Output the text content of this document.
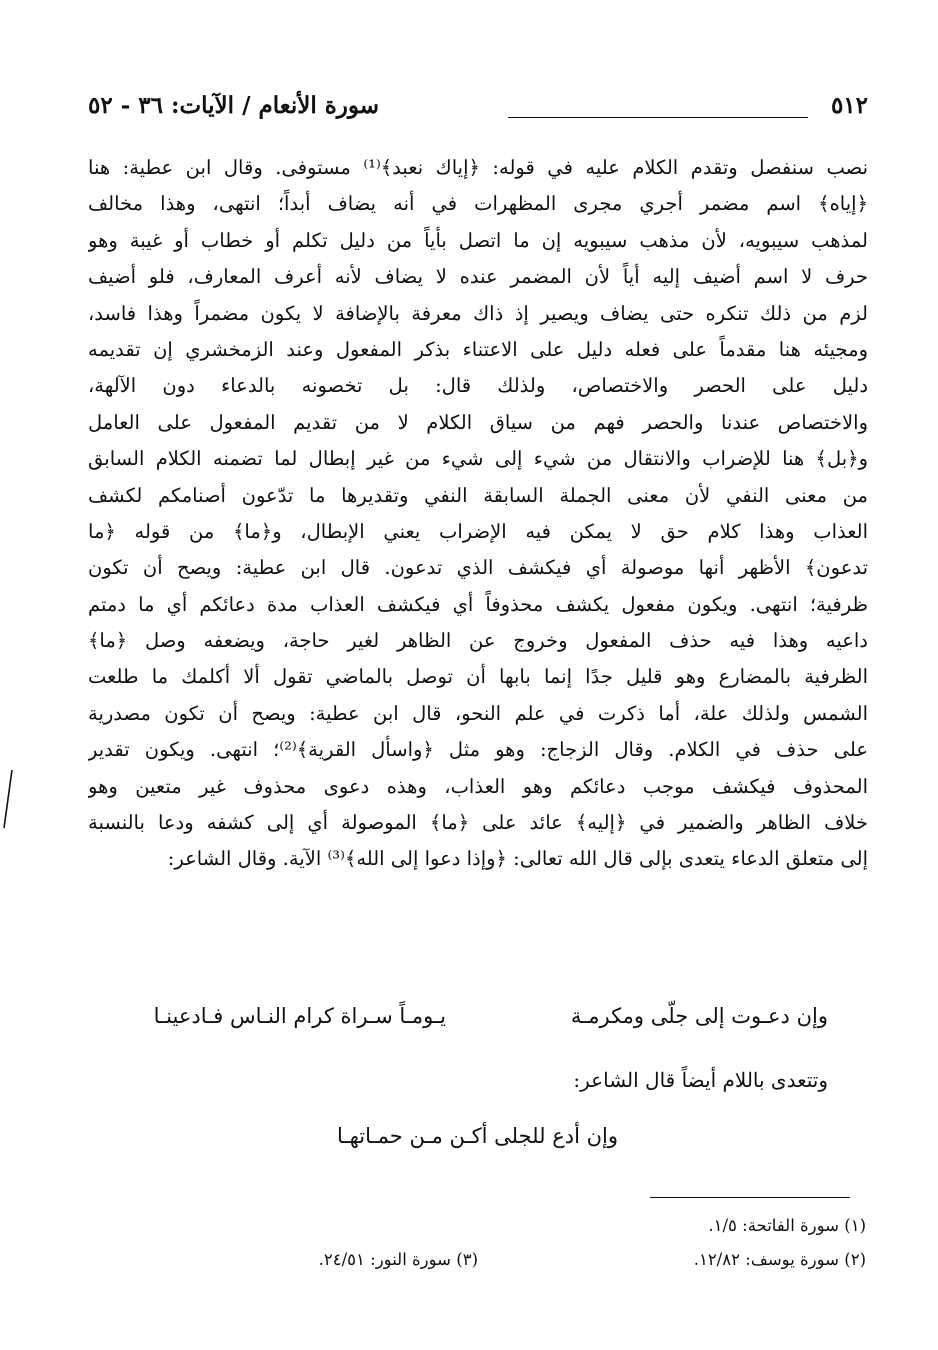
٥١٢
سورة الأنعام / الآيات: ٣٦ - ٥٢
نصب سنفصل وتقدم الكلام عليه في قوله: ﴿إياك نعبد﴾⁽¹⁾ مستوفى. وقال ابن عطية: هنا
﴿إياه﴾ اسم مضمر أجري مجرى المظهرات في أنه يضاف أبداً؛ انتهى، وهذا مخالف
لمذهب سيبويه، لأن مذهب سيبويه إن ما اتصل بأياً من دليل تكلم أو خطاب أو غيبة وهو
حرف لا اسم أضيف إليه أياً لأن المضمر عنده لا يضاف لأنه أعرف المعارف، فلو أضيف
لزم من ذلك تنكره حتى يضاف ويصير إذ ذاك معرفة بالإضافة لا يكون مضمراً وهذا فاسد،
ومجيئه هنا مقدماً على فعله دليل على الاعتناء بذكر المفعول وعند الزمخشري إن تقديمه
دليل على الحصر والاختصاص، ولذلك قال: بل تخصونه بالدعاء دون الآلهة،
والاختصاص عندنا والحصر فهم من سياق الكلام لا من تقديم المفعول على العامل
و﴿بل﴾ هنا للإضراب والانتقال من شيء إلى شيء من غير إبطال لما تضمنه الكلام السابق
من معنى النفي لأن معنى الجملة السابقة النفي وتقديرها ما تدّعون أصنامكم لكشف
العذاب وهذا كلام حق لا يمكن فيه الإضراب يعني الإبطال، و﴿ما﴾ من قوله ﴿ما
تدعون﴾ الأظهر أنها موصولة أي فيكشف الذي تدعون. قال ابن عطية: ويصح أن تكون
ظرفية؛ انتهى. ويكون مفعول يكشف محذوفاً أي فيكشف العذاب مدة دعائكم أي ما دمتم
داعيه وهذا فيه حذف المفعول وخروج عن الظاهر لغير حاجة، ويضعفه وصل ﴿ما﴾
الظرفية بالمضارع وهو قليل جدًا إنما بابها أن توصل بالماضي تقول ألا أكلمك ما طلعت
الشمس ولذلك علة، أما ذكرت في علم النحو، قال ابن عطية: ويصح أن تكون مصدرية
على حذف في الكلام. وقال الزجاج: وهو مثل ﴿واسأل القرية﴾⁽²⁾؛ انتهى. ويكون تقدير
المحذوف فيكشف موجب دعائكم وهو العذاب، وهذه دعوى محذوف غير متعين وهو
خلاف الظاهر والضمير في ﴿إليه﴾ عائد على ﴿ما﴾ الموصولة أي إلى كشفه ودعا بالنسبة
إلى متعلق الدعاء يتعدى بإلى قال الله تعالى: ﴿وإذا دعوا إلى الله﴾⁽³⁾ الآية. وقال الشاعر:
وإن دعـوت إلى جلّى ومكرمـة
يـومـاً سـراة كرام النـاس فـادعينـا
وتتعدى باللام أيضاً قال الشاعر:
وإن أدع للجلى أكـن مـن حمـاتهـا
(١) سورة الفاتحة: ١/٥.
(٢) سورة يوسف: ١٢/٨٢.
(٣) سورة النور: ٢٤/٥١.
